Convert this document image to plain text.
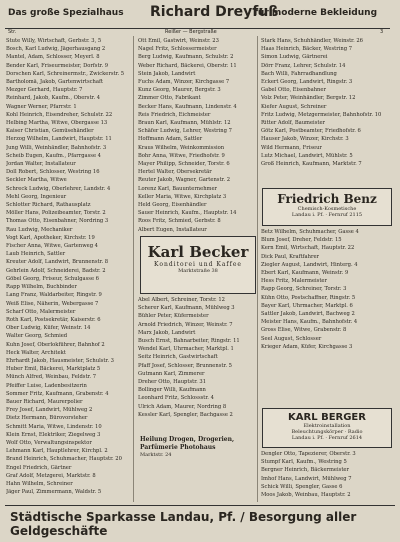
Das große Spezialhaus Richard Dreyfuß
für moderne Bekleidung
Str.	Reißer — Bergstraße	3
Stute Willy, Wirtschaft, Gerbstr. 3, 5
Bosch, Karl Ludwig, Jägerhausgang 2
Mantel, Adam, Schlosser, Meyerl. 8
Bender Karl, Friseurmeister, Dorfstr. 9
Dorschen Karl, Schreinermstr., Zwickerstr. 5
Bartholomä, Jakob, Gartenwirtschaft
Mezger Gerhard, Hauptstr. 7
Reinhard, Jakob, Kaufm., Oberstr. 4
Wagner Werner, Pfarrstr. 1
Kohl Heinrich, Eisendreher, Schulstr. 22
Helbing Martha, Witwe, Obergasse 13
Kaiser Christian, Gemüsehändler
Herzog Wilhelm, Landwirt, Hauptstr. 11
Jung Willi, Weinhändler, Bahnhofstr. 3
Scheib Eugen, Kaufm., Pfarrgasse 4
Jordan Walter, Installateur
Doll Robert, Schlosser, Westring 16
Seckler Martha, Witwe
Schreck Ludwig, Oberlehrer, Landstr. 4
Mehl Georg, Ingenieur
Schlotter Richard, Rathausplatz
Möller Hans, Polizeibeamter, Torstr. 2
Thomas Otto, Eisenbahner, Nordring 3
Rau Ludwig, Mechaniker
Vogt Karl, Apotheker, Kirchstr. 19
Fischer Anna, Witwe, Gartenweg 4
Laub Heinrich, Sattler
Kreuter Adolf, Landwirt, Brunnenstr. 8
Gehrlein Adolf, Schneiderei, Badstr. 2
Göbel Georg, Friseur, Schulgasse 6
Rapp Wilhelm, Buchbinder
Lang Franz, Waldarbeiter, Ringstr. 9
Weiß Elise, Näherin, Webergasse 7
Scharf Otto, Malermeister
Roth Karl, Postsekretär, Kaiserstr. 6
Ober Ludwig, Küfer, Weinstr. 14
Walter Georg, Schmied
Kuhn Josef, Oberlokführer, Bahnhof 2
Heck Walter, Architekt
Ehrhardt Jakob, Hausmeister, Schulstr. 3
Huber Emil, Bäckerei, Marktplatz 5
Münch Alfred, Weinbau, Feldstr. 7
Pfeiffer Luise, Ladenbesitzerin
Sommer Fritz, Kaufmann, Grabenstr. 4
Bauer Richard, Maurerpolier
Frey Josef, Landwirt, Mühlweg 2
Dietz Hermann, Bürovorsteher
Schmitt Maria, Witwe, Lindenstr. 10
Klein Ernst, Elektriker, Ziegelweg 3
Wolf Otto, Verwaltungsinspektor
Lehmann Karl, Hauptlehrer, Kirchpl. 2
Brand Heinrich, Schuhmacher, Hauptstr. 20
Engel Friedrich, Gärtner
Graf Adolf, Metzgerei, Marktstr. 8
Hahn Wilhelm, Schreiner
Jäger Paul, Zimmermann, Waldstr. 5
Ott Emil, Gastwirt, Weinstr. 23
Nagel Fritz, Schlossermeister
Berg Ludwig, Kaufmann, Schulstr. 2
Weber Richard, Bäckerei, Oberstr. 11
Stein Jakob, Landwirt
Fuchs Adam, Winzer, Kirchgasse 7
Kunz Georg, Maurer, Bergstr. 3
Zimmer Otto, Fabrikant
Becker Hans, Kaufmann, Lindenstr. 4
Reis Friedrich, Eichmeister
Braun Karl, Kaufmann, Mühlstr. 12
Schäfer Ludwig, Lehrer, Westring 7
Hoffmann Adam, Sattler
Kraus Wilhelm, Weinkommission
Bohr Anna, Witwe, Friedhofstr. 9
Mayer Philipp, Schneider, Torstr. 6
Hertel Walter, Obersekretär
Reuter Jakob, Wagner, Gartenstr. 2
Lorenz Karl, Bauunternehmer
Keller Maria, Witwe, Kirchplatz 3
Held Georg, Eisenhändler
Sauer Heinrich, Kaufm., Hauptstr. 14
Roos Fritz, Schmied, Gerbstr. 8
Albert Eugen, Installateur
Karl Becker
Konditorei und Kaffee
Marktstraße 38
Abel Albert, Schreiner, Torstr. 12
Scherer Karl, Kaufmann, Mühlweg 3
Bühler Peter, Küfermeister
Arnold Friedrich, Winzer, Weinstr. 7
Marx Jakob, Landwirt
Busch Ernst, Bahnarbeiter, Ringstr. 11
Wendel Karl, Uhrmacher, Marktpl. 1
Seitz Heinrich, Gastwirtschaft
Pfaff Josef, Schlosser, Brunnenstr. 5
Gutmann Karl, Zimmerer
Dreher Otto, Hauptstr. 31
Bollinger Willi, Kaufmann
Leonhard Fritz, Schlossstr. 4
Ulrich Adam, Maurer, Nordring 8
Kessler Karl, Spengler, Bachgasse 2
Heilung Drogen, Drogerien, Parfümerie Photohaus
Marktstr. 24
Stark Hans, Schuhhändler, Weinstr. 26
Haas Heinrich, Bäcker, Westring 7
Simon Ludwig, Gärtnerei
Dörr Franz, Lehrer, Schulstr. 14
Bach Willi, Fahrradhandlung
Eckert Georg, Landwirt, Ringstr. 3
Gabel Otto, Eisenbahner
Volz Peter, Weinhändler, Bergstr. 12
Kiefer August, Schreiner
Fritz Ludwig, Metzgermeister, Bahnhofstr. 10
Ritter Adolf, Baumeister
Götz Karl, Postbeamter, Friedhofstr. 6
Hauser Jakob, Winzer, Kirchstr. 3
Wild Hermann, Friseur
Lutz Michael, Landwirt, Mühlstr. 5
Groß Heinrich, Kaufmann, Marktstr. 7
Friedrich Benz
Chemisch-Kosmetische
Landau i. Pf. · Fernruf 2115
Betz Wilhelm, Schuhmacher, Gasse 4
Blum Josef, Dreher, Feldstr. 15
Kern Emil, Wirtschaft, Hauptstr. 22
Dick Paul, Kraftfahrer
Ziegler August, Landwirt, Hinterg. 4
Ebert Karl, Kaufmann, Weinstr. 9
Hess Fritz, Malermeister
Rapp Georg, Schreiner, Torstr. 3
Kühn Otto, Postschaffner, Ringstr. 5
Bayer Karl, Uhrmacher, Marktpl. 6
Sattler Jakob, Landwirt, Bachweg 2
Meister Hans, Kaufm., Bahnhofstr. 4
Gross Elise, Witwe, Grabenstr. 8
Seel August, Schlosser
Krieger Adam, Küfer, Kirchgasse 3
KARL BERGER
Elektroinstallation
Beleuchtungskörper · Radio
Landau i. Pf. · Fernruf 2614
Dengler Otto, Tapezierer, Oberstr. 3
Stumpf Karl, Kaufm., Westring 5
Bergner Heinrich, Bäckermeister
Imhof Hans, Landwirt, Mühlweg 7
Schick Willi, Spengler, Gasse 6
Moos Jakob, Weinbau, Hauptstr. 2
Städtische Sparkasse Landau, Pf. / Besorgung aller Geldgeschäfte
